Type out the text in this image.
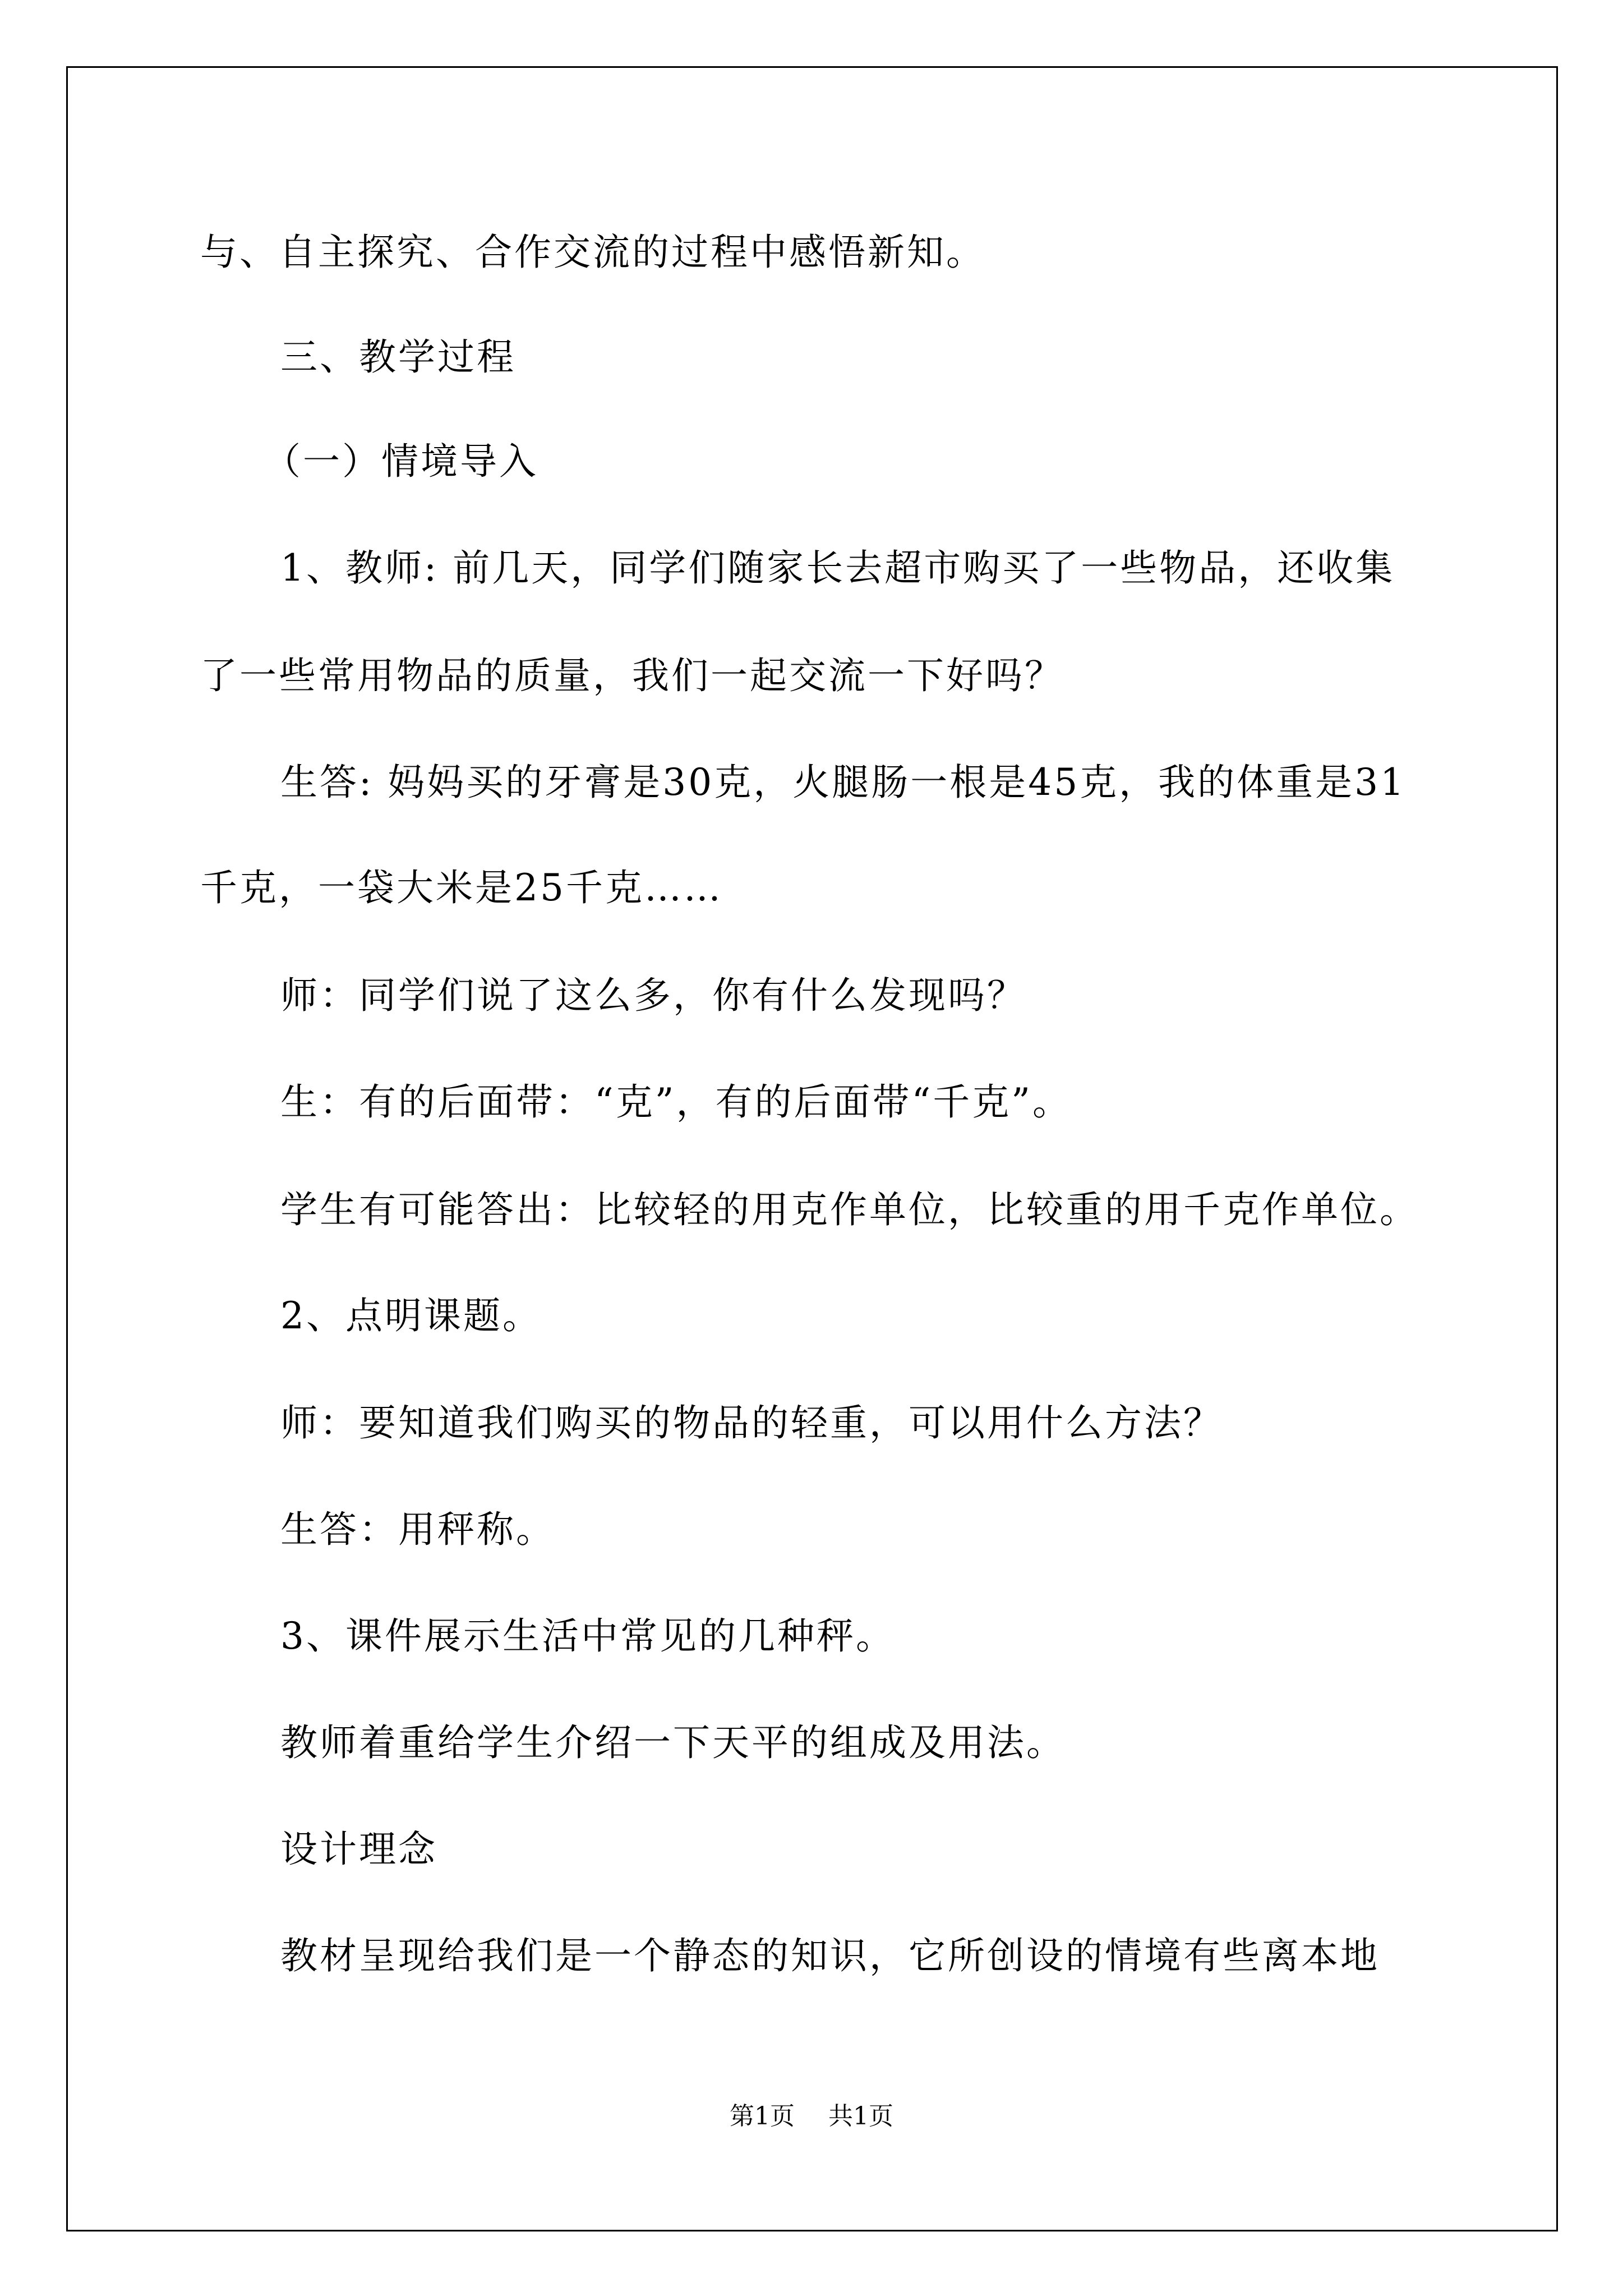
与、自主探究、合作交流的过程中感悟新知。
三、教学过程
（一）情境导入
1、教师: 前几天，同学们随家长去超市购买了一些物品，还收集
了一些常用物品的质量，我们一起交流一下好吗？
生答: 妈妈买的牙膏是30克，火腿肠一根是45克，我的体重是31
千克，一袋大米是25千克……
师：同学们说了这么多，你有什么发现吗？
生：有的后面带：“克”，有的后面带“千克”。
学生有可能答出：比较轻的用克作单位，比较重的用千克作单位。
2、点明课题。
师：要知道我们购买的物品的轻重，可以用什么方法？
生答：用秤称。
3、课件展示生活中常见的几种秤。
教师着重给学生介绍一下天平的组成及用法。
设计理念
教材呈现给我们是一个静态的知识，它所创设的情境有些离本地
第1页 共1页
